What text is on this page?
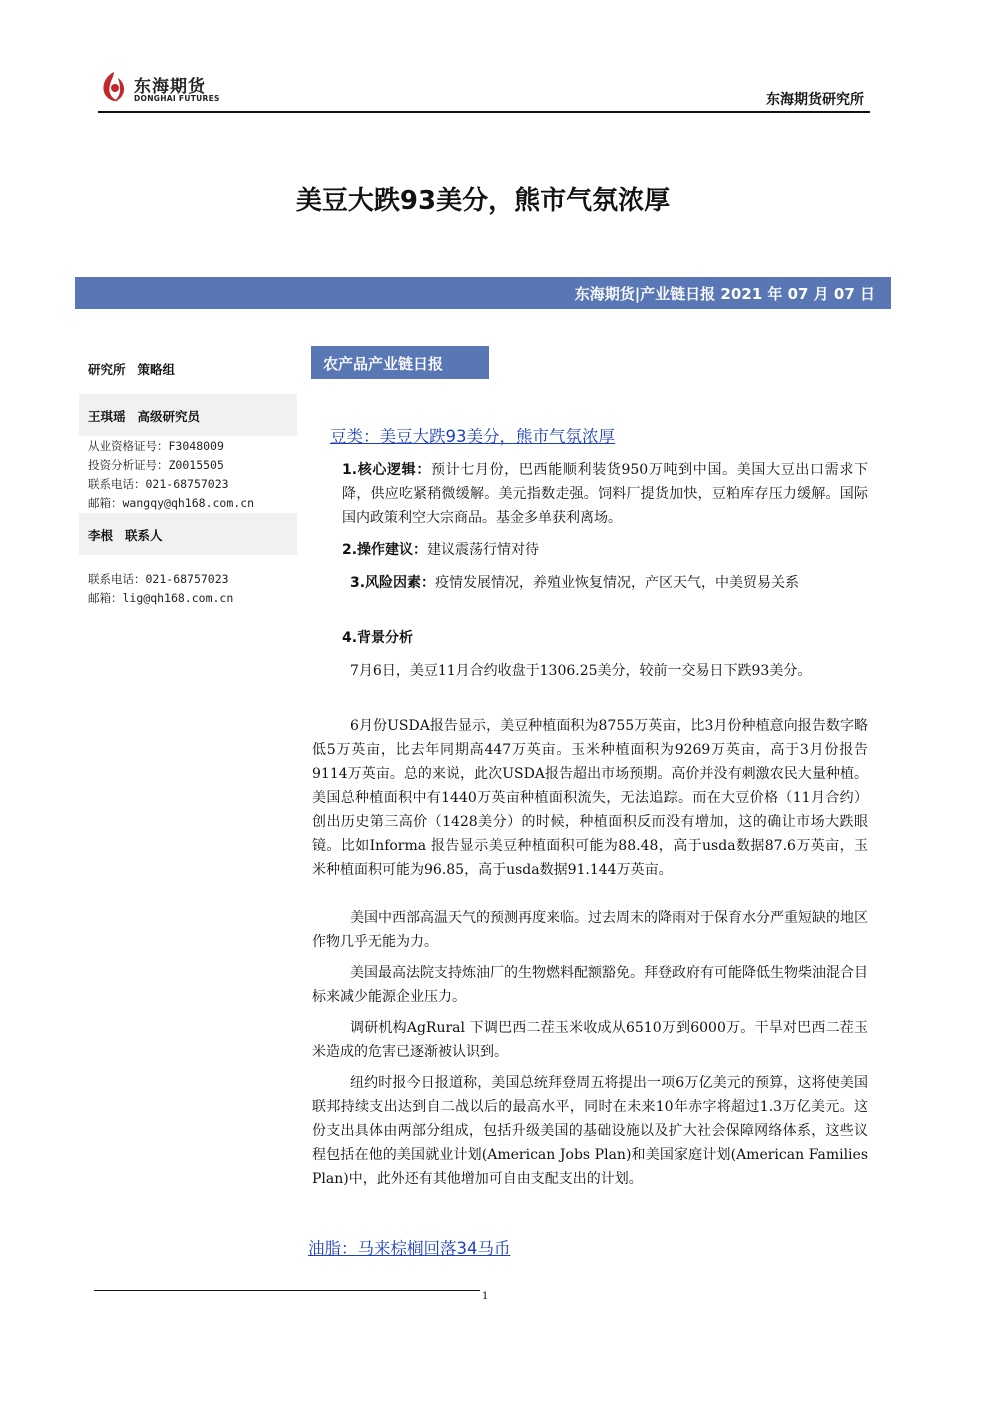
东海期货
DONGHAI FUTURES	东海期货研究所
美豆大跌93美分，熊市气氛浓厚
东海期货|产业链日报 2021 年 07 月 07 日
研究所 策略组
王琪瑶 高级研究员
从业资格证号：F3048009
投资分析证号：Z0015505
联系电话：021-68757023
邮箱：wangqy@qh168.com.cn
李根 联系人
联系电话：021-68757023
邮箱：lig@qh168.com.cn
农产品产业链日报
豆类：美豆大跌93美分，熊市气氛浓厚
1.核心逻辑：预计七月份，巴西能顺利装货950万吨到中国。美国大豆出口需求下降，供应吃紧稍微缓解。美元指数走强。饲料厂提货加快，豆粕库存压力缓解。国际国内政策利空大宗商品。基金多单获利离场。
2.操作建议：建议震荡行情对待
3.风险因素：疫情发展情况，养殖业恢复情况，产区天气，中美贸易关系
4.背景分析
7月6日，美豆11月合约收盘于1306.25美分，较前一交易日下跌93美分。
6月份USDA报告显示，美豆种植面积为8755万英亩，比3月份种植意向报告数字略低5万英亩，比去年同期高447万英亩。玉米种植面积为9269万英亩，高于3月份报告9114万英亩。总的来说，此次USDA报告超出市场预期。高价并没有刺激农民大量种植。美国总种植面积中有1440万英亩种植面积流失，无法追踪。而在大豆价格（11月合约）创出历史第三高价（1428美分）的时候，种植面积反而没有增加，这的确让市场大跌眼镜。比如Informa 报告显示美豆种植面积可能为88.48，高于usda数据87.6万英亩，玉米种植面积可能为96.85，高于usda数据91.144万英亩。
美国中西部高温天气的预测再度来临。过去周末的降雨对于保育水分严重短缺的地区作物几乎无能为力。
美国最高法院支持炼油厂的生物燃料配额豁免。拜登政府有可能降低生物柴油混合目标来减少能源企业压力。
调研机构AgRural 下调巴西二茬玉米收成从6510万到6000万。干旱对巴西二茬玉米造成的危害已逐渐被认识到。
纽约时报今日报道称，美国总统拜登周五将提出一项6万亿美元的预算，这将使美国联邦持续支出达到自二战以后的最高水平，同时在未来10年赤字将超过1.3万亿美元。这份支出具体由两部分组成，包括升级美国的基础设施以及扩大社会保障网络体系，这些议程包括在他的美国就业计划(American Jobs Plan)和美国家庭计划(American Families Plan)中，此外还有其他增加可自由支配支出的计划。
油脂：马来棕榈回落34马币
1
